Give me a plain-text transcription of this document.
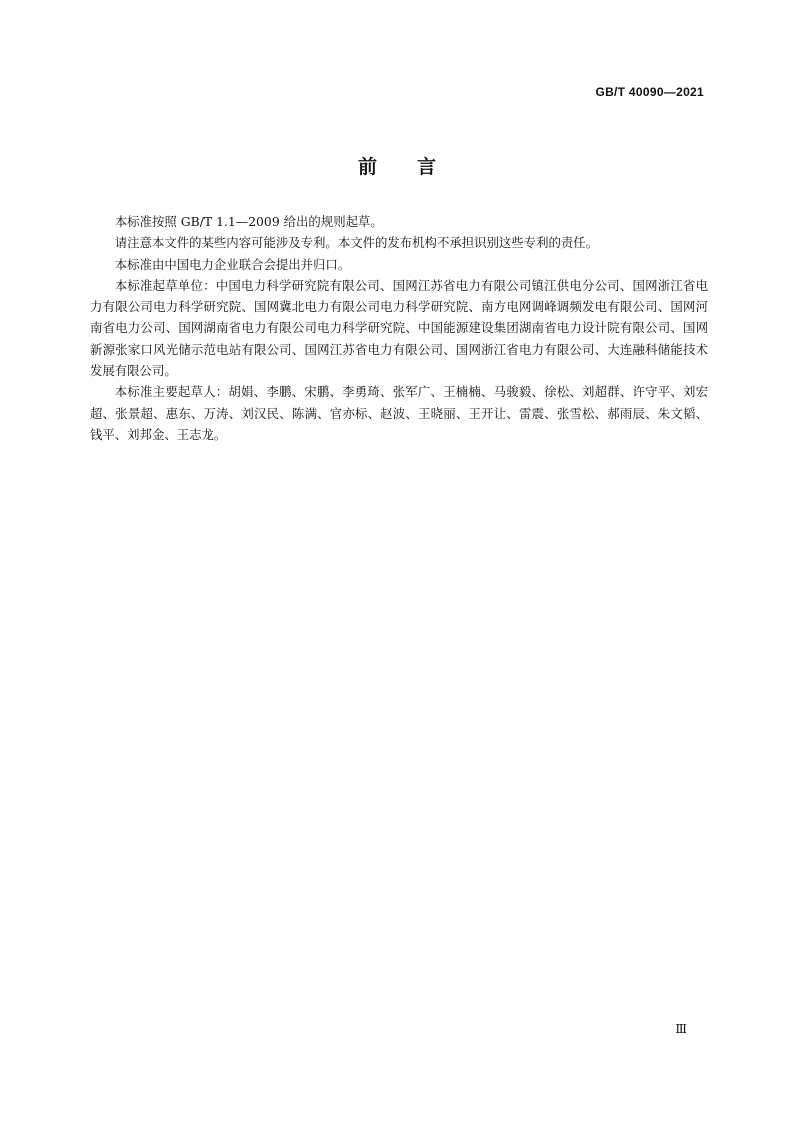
GB/T 40090—2021
前 言

本标准按照 GB/T 1.1—2009 给出的规则起草。

请注意本文件的某些内容可能涉及专利。本文件的发布机构不承担识别这些专利的责任。

本标准由中国电力企业联合会提出并归口。

本标准起草单位：中国电力科学研究院有限公司、国网江苏省电力有限公司镇江供电分公司、国网浙江省电力有限公司电力科学研究院、国网冀北电力有限公司电力科学研究院、南方电网调峰调频发电有限公司、国网河南省电力公司、国网湖南省电力有限公司电力科学研究院、中国能源建设集团湖南省电力设计院有限公司、国网新源张家口风光储示范电站有限公司、国网江苏省电力有限公司、国网浙江省电力有限公司、大连融科储能技术发展有限公司。

本标准主要起草人：胡娟、李鹏、宋鹏、李勇琦、张军广、王楠楠、马骏毅、徐松、刘超群、许守平、刘宏超、张景超、惠东、万涛、刘汉民、陈满、官亦标、赵波、王晓丽、王开让、雷震、张雪松、郝雨辰、朱文韬、钱平、刘邦金、王志龙。

Ⅲ
